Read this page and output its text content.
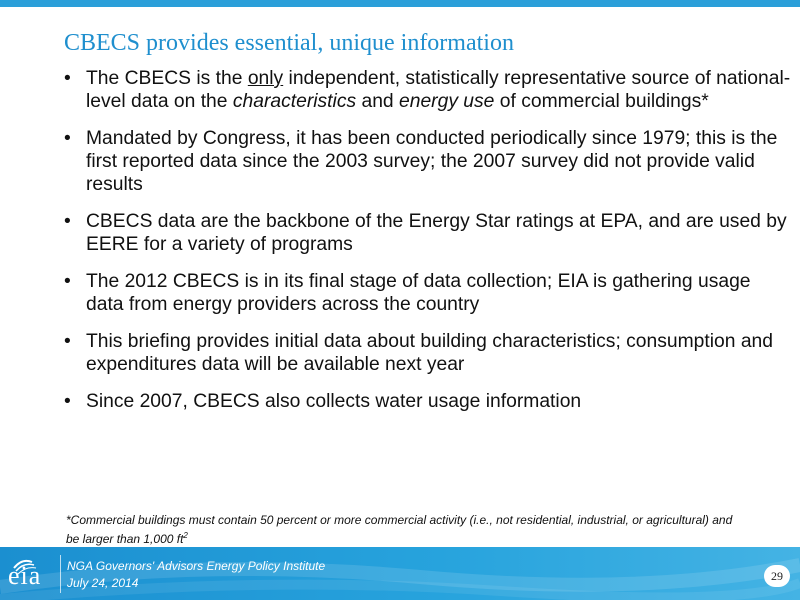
CBECS provides essential, unique information
• The CBECS is the only independent, statistically representative source of national-level data on the characteristics and energy use of commercial buildings*
• Mandated by Congress, it has been conducted periodically since 1979; this is the first reported data since the 2003 survey; the 2007 survey did not provide valid results
• CBECS data are the backbone of the Energy Star ratings at EPA, and are used by EERE for a variety of programs
• The 2012 CBECS is in its final stage of data collection; EIA is gathering usage data from energy providers across the country
• This briefing provides initial data about building characteristics; consumption and expenditures data will be available next year
• Since 2007, CBECS also collects water usage information
*Commercial buildings must contain 50 percent or more commercial activity (i.e., not residential, industrial, or agricultural) and be larger than 1,000 $ft^2$
eia NGA Governors' Advisors Energy Policy Institute
July 24, 2014	29
